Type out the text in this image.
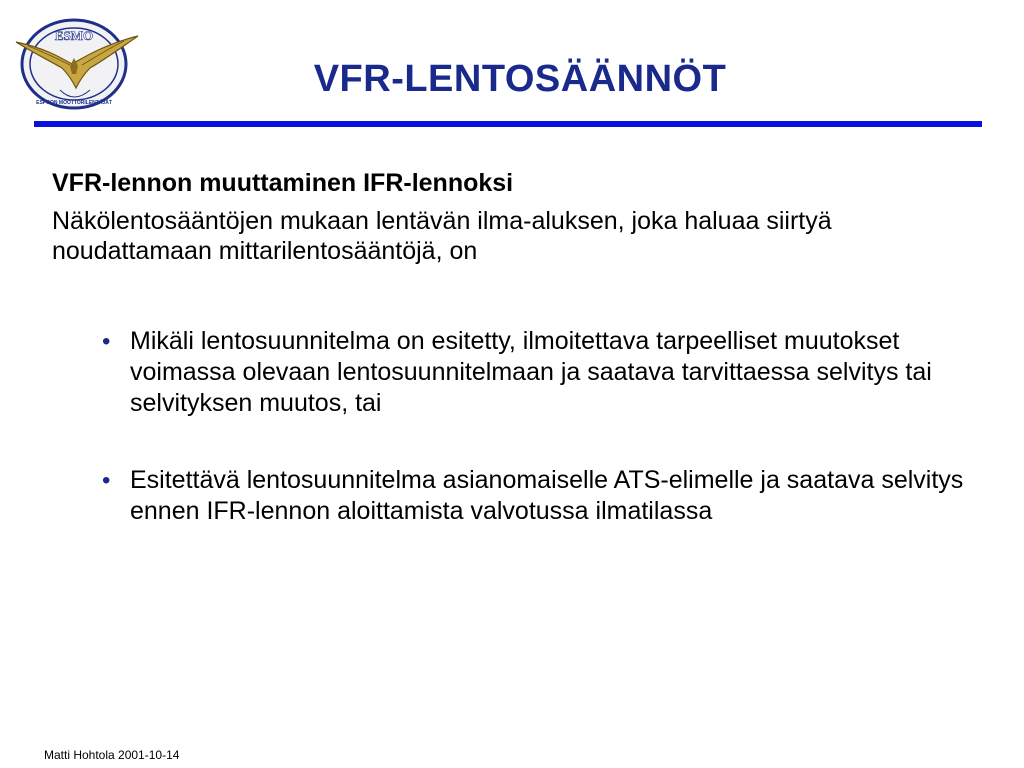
ESMO
ESPOON MOOTTORILENTÄJÄT
VFR-LENTOSÄÄNNÖT

VFR-lennon muuttaminen IFR-lennoksi

Näkölentosääntöjen mukaan lentävän ilma-aluksen, joka haluaa siirtyä noudattamaan mittarilentosääntöjä, on

• Mikäli lentosuunnitelma on esitetty, ilmoitettava tarpeelliset muutokset voimassa olevaan lentosuunnitelmaan ja saatava tarvittaessa selvitys tai selvityksen muutos, tai
• Esitettävä lentosuunnitelma asianomaiselle ATS-elimelle ja saatava selvitys ennen IFR-lennon aloittamista valvotussa ilmatilassa
Matti Hohtola 2001-10-14
